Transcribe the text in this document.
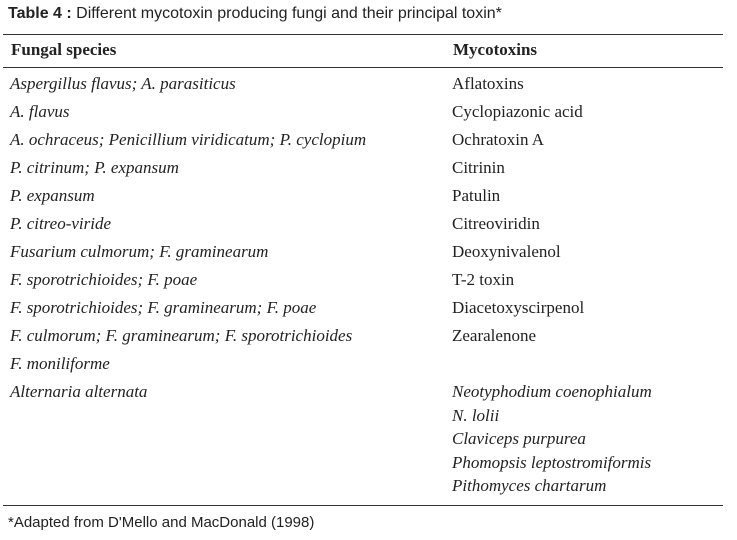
Table 4 : Different mycotoxin producing fungi and their principal toxin*
Fungal species	Mycotoxins
Aspergillus flavus; A. parasiticus	Aflatoxins
A. flavus	Cyclopiazonic acid
A. ochraceus; Penicillium viridicatum; P. cyclopium	Ochratoxin A
P. citrinum; P. expansum	Citrinin
P. expansum	Patulin
P. citreo-viride	Citreoviridin
Fusarium culmorum; F. graminearum	Deoxynivalenol
F. sporotrichioides; F. poae	T-2 toxin
F. sporotrichioides; F. graminearum; F. poae	Diacetoxyscirpenol
F. culmorum; F. graminearum; F. sporotrichioides	Zearalenone
F. moniliforme
Alternaria alternata	Neotyphodium coenophialum
N. lolii
Claviceps purpurea
Phomopsis leptostromiformis
Pithomyces chartarum
*Adapted from D'Mello and MacDonald (1998)
